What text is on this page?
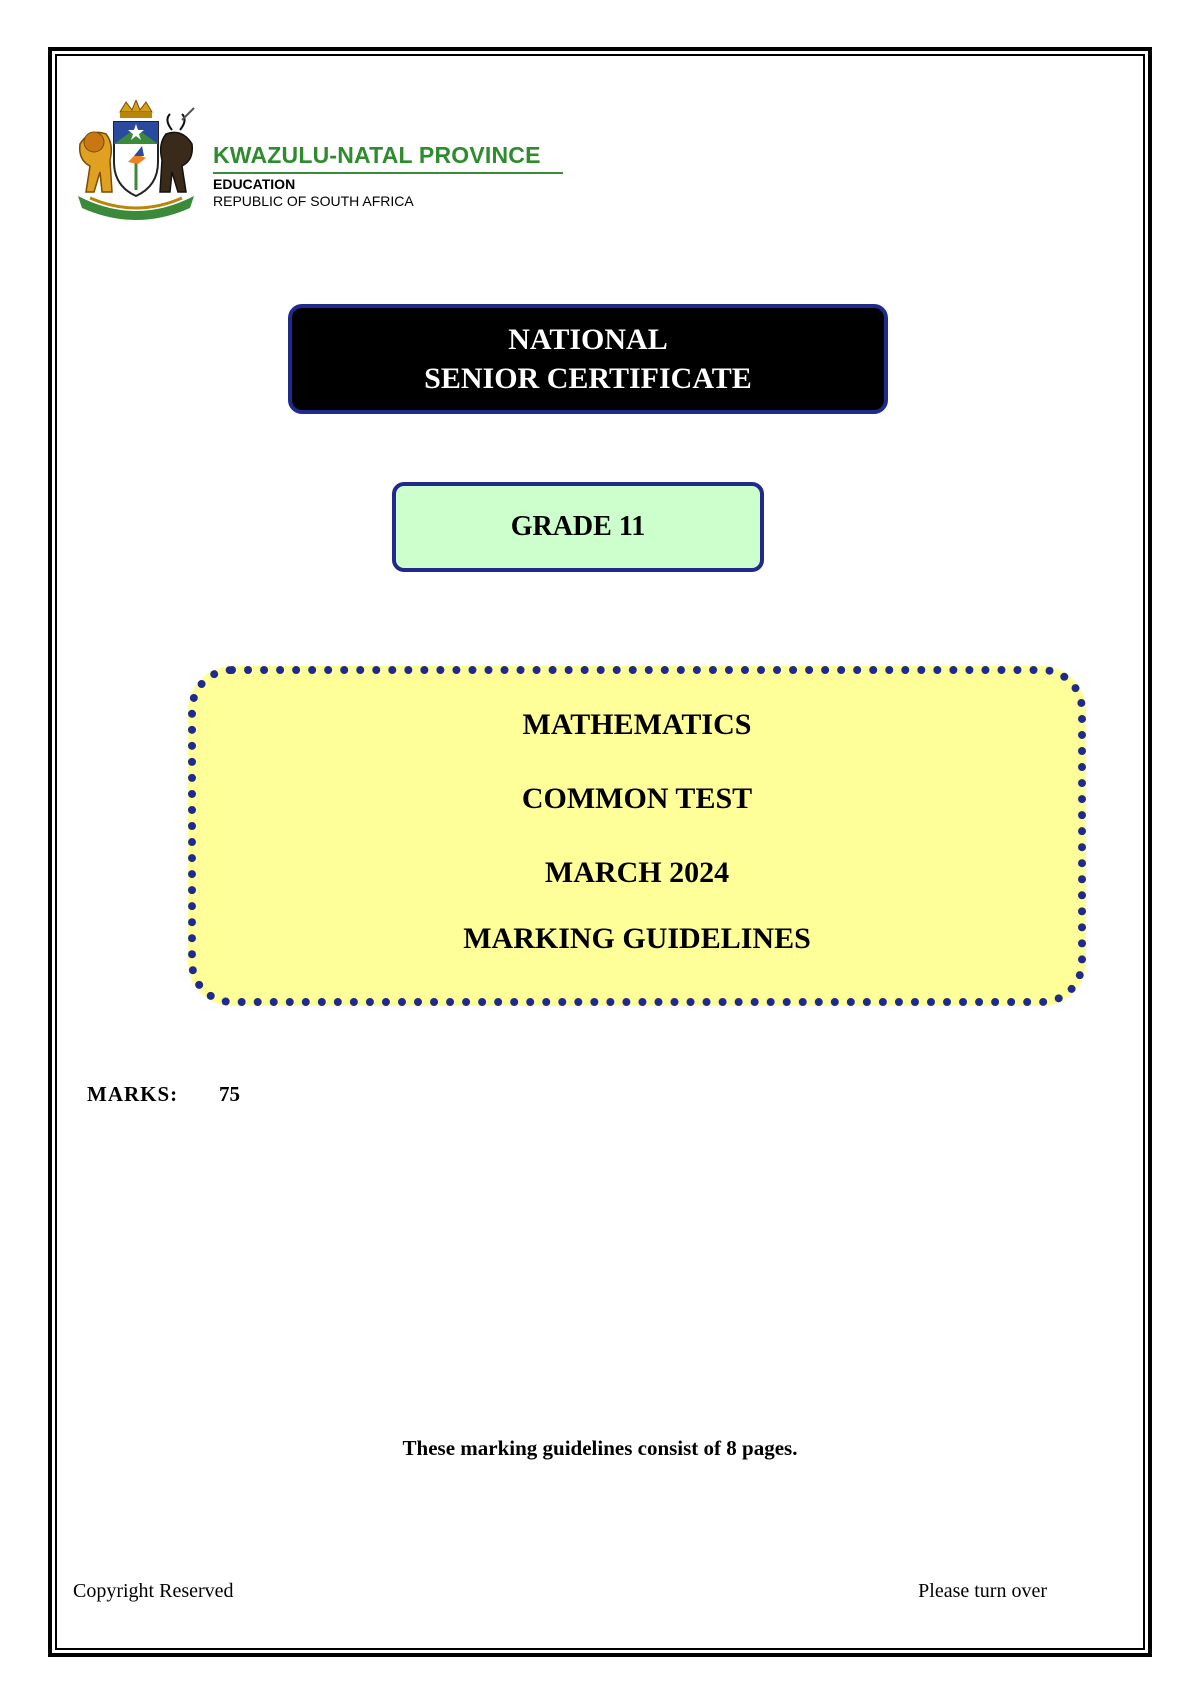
KWAZULU-NATAL PROVINCE
EDUCATION
REPUBLIC OF SOUTH AFRICA
NATIONAL
SENIOR CERTIFICATE
GRADE 11
MATHEMATICS
COMMON TEST
MARCH 2024
MARKING GUIDELINES
MARKS: 75
These marking guidelines consist of 8 pages.
Copyright Reserved	Please turn over
